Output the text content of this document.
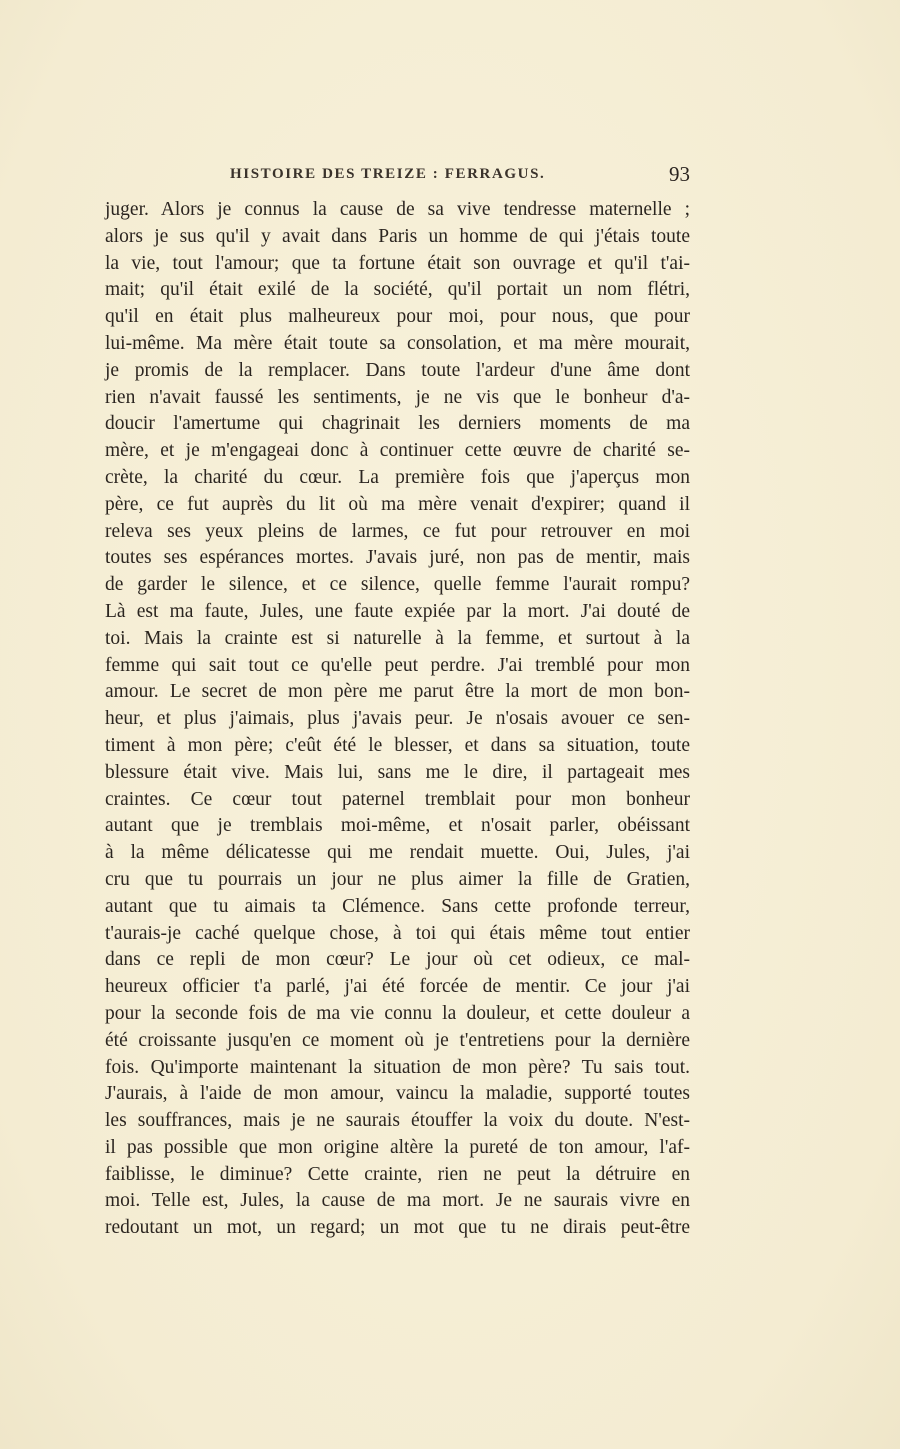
HISTOIRE DES TREIZE : FERRAGUS.	93
juger. Alors je connus la cause de sa vive tendresse maternelle ;
alors je sus qu'il y avait dans Paris un homme de qui j'étais toute
la vie, tout l'amour; que ta fortune était son ouvrage et qu'il t'ai-
mait; qu'il était exilé de la société, qu'il portait un nom flétri,
qu'il en était plus malheureux pour moi, pour nous, que pour
lui-même. Ma mère était toute sa consolation, et ma mère mourait,
je promis de la remplacer. Dans toute l'ardeur d'une âme dont
rien n'avait faussé les sentiments, je ne vis que le bonheur d'a-
doucir l'amertume qui chagrinait les derniers moments de ma
mère, et je m'engageai donc à continuer cette œuvre de charité se-
crète, la charité du cœur. La première fois que j'aperçus mon
père, ce fut auprès du lit où ma mère venait d'expirer; quand il
releva ses yeux pleins de larmes, ce fut pour retrouver en moi
toutes ses espérances mortes. J'avais juré, non pas de mentir, mais
de garder le silence, et ce silence, quelle femme l'aurait rompu?
Là est ma faute, Jules, une faute expiée par la mort. J'ai douté de
toi. Mais la crainte est si naturelle à la femme, et surtout à la
femme qui sait tout ce qu'elle peut perdre. J'ai tremblé pour mon
amour. Le secret de mon père me parut être la mort de mon bon-
heur, et plus j'aimais, plus j'avais peur. Je n'osais avouer ce sen-
timent à mon père; c'eût été le blesser, et dans sa situation, toute
blessure était vive. Mais lui, sans me le dire, il partageait mes
craintes. Ce cœur tout paternel tremblait pour mon bonheur
autant que je tremblais moi-même, et n'osait parler, obéissant
à la même délicatesse qui me rendait muette. Oui, Jules, j'ai
cru que tu pourrais un jour ne plus aimer la fille de Gratien,
autant que tu aimais ta Clémence. Sans cette profonde terreur,
t'aurais-je caché quelque chose, à toi qui étais même tout entier
dans ce repli de mon cœur? Le jour où cet odieux, ce mal-
heureux officier t'a parlé, j'ai été forcée de mentir. Ce jour j'ai
pour la seconde fois de ma vie connu la douleur, et cette douleur a
été croissante jusqu'en ce moment où je t'entretiens pour la dernière
fois. Qu'importe maintenant la situation de mon père? Tu sais tout.
J'aurais, à l'aide de mon amour, vaincu la maladie, supporté toutes
les souffrances, mais je ne saurais étouffer la voix du doute. N'est-
il pas possible que mon origine altère la pureté de ton amour, l'af-
faiblisse, le diminue? Cette crainte, rien ne peut la détruire en
moi. Telle est, Jules, la cause de ma mort. Je ne saurais vivre en
redoutant un mot, un regard; un mot que tu ne dirais peut-être
